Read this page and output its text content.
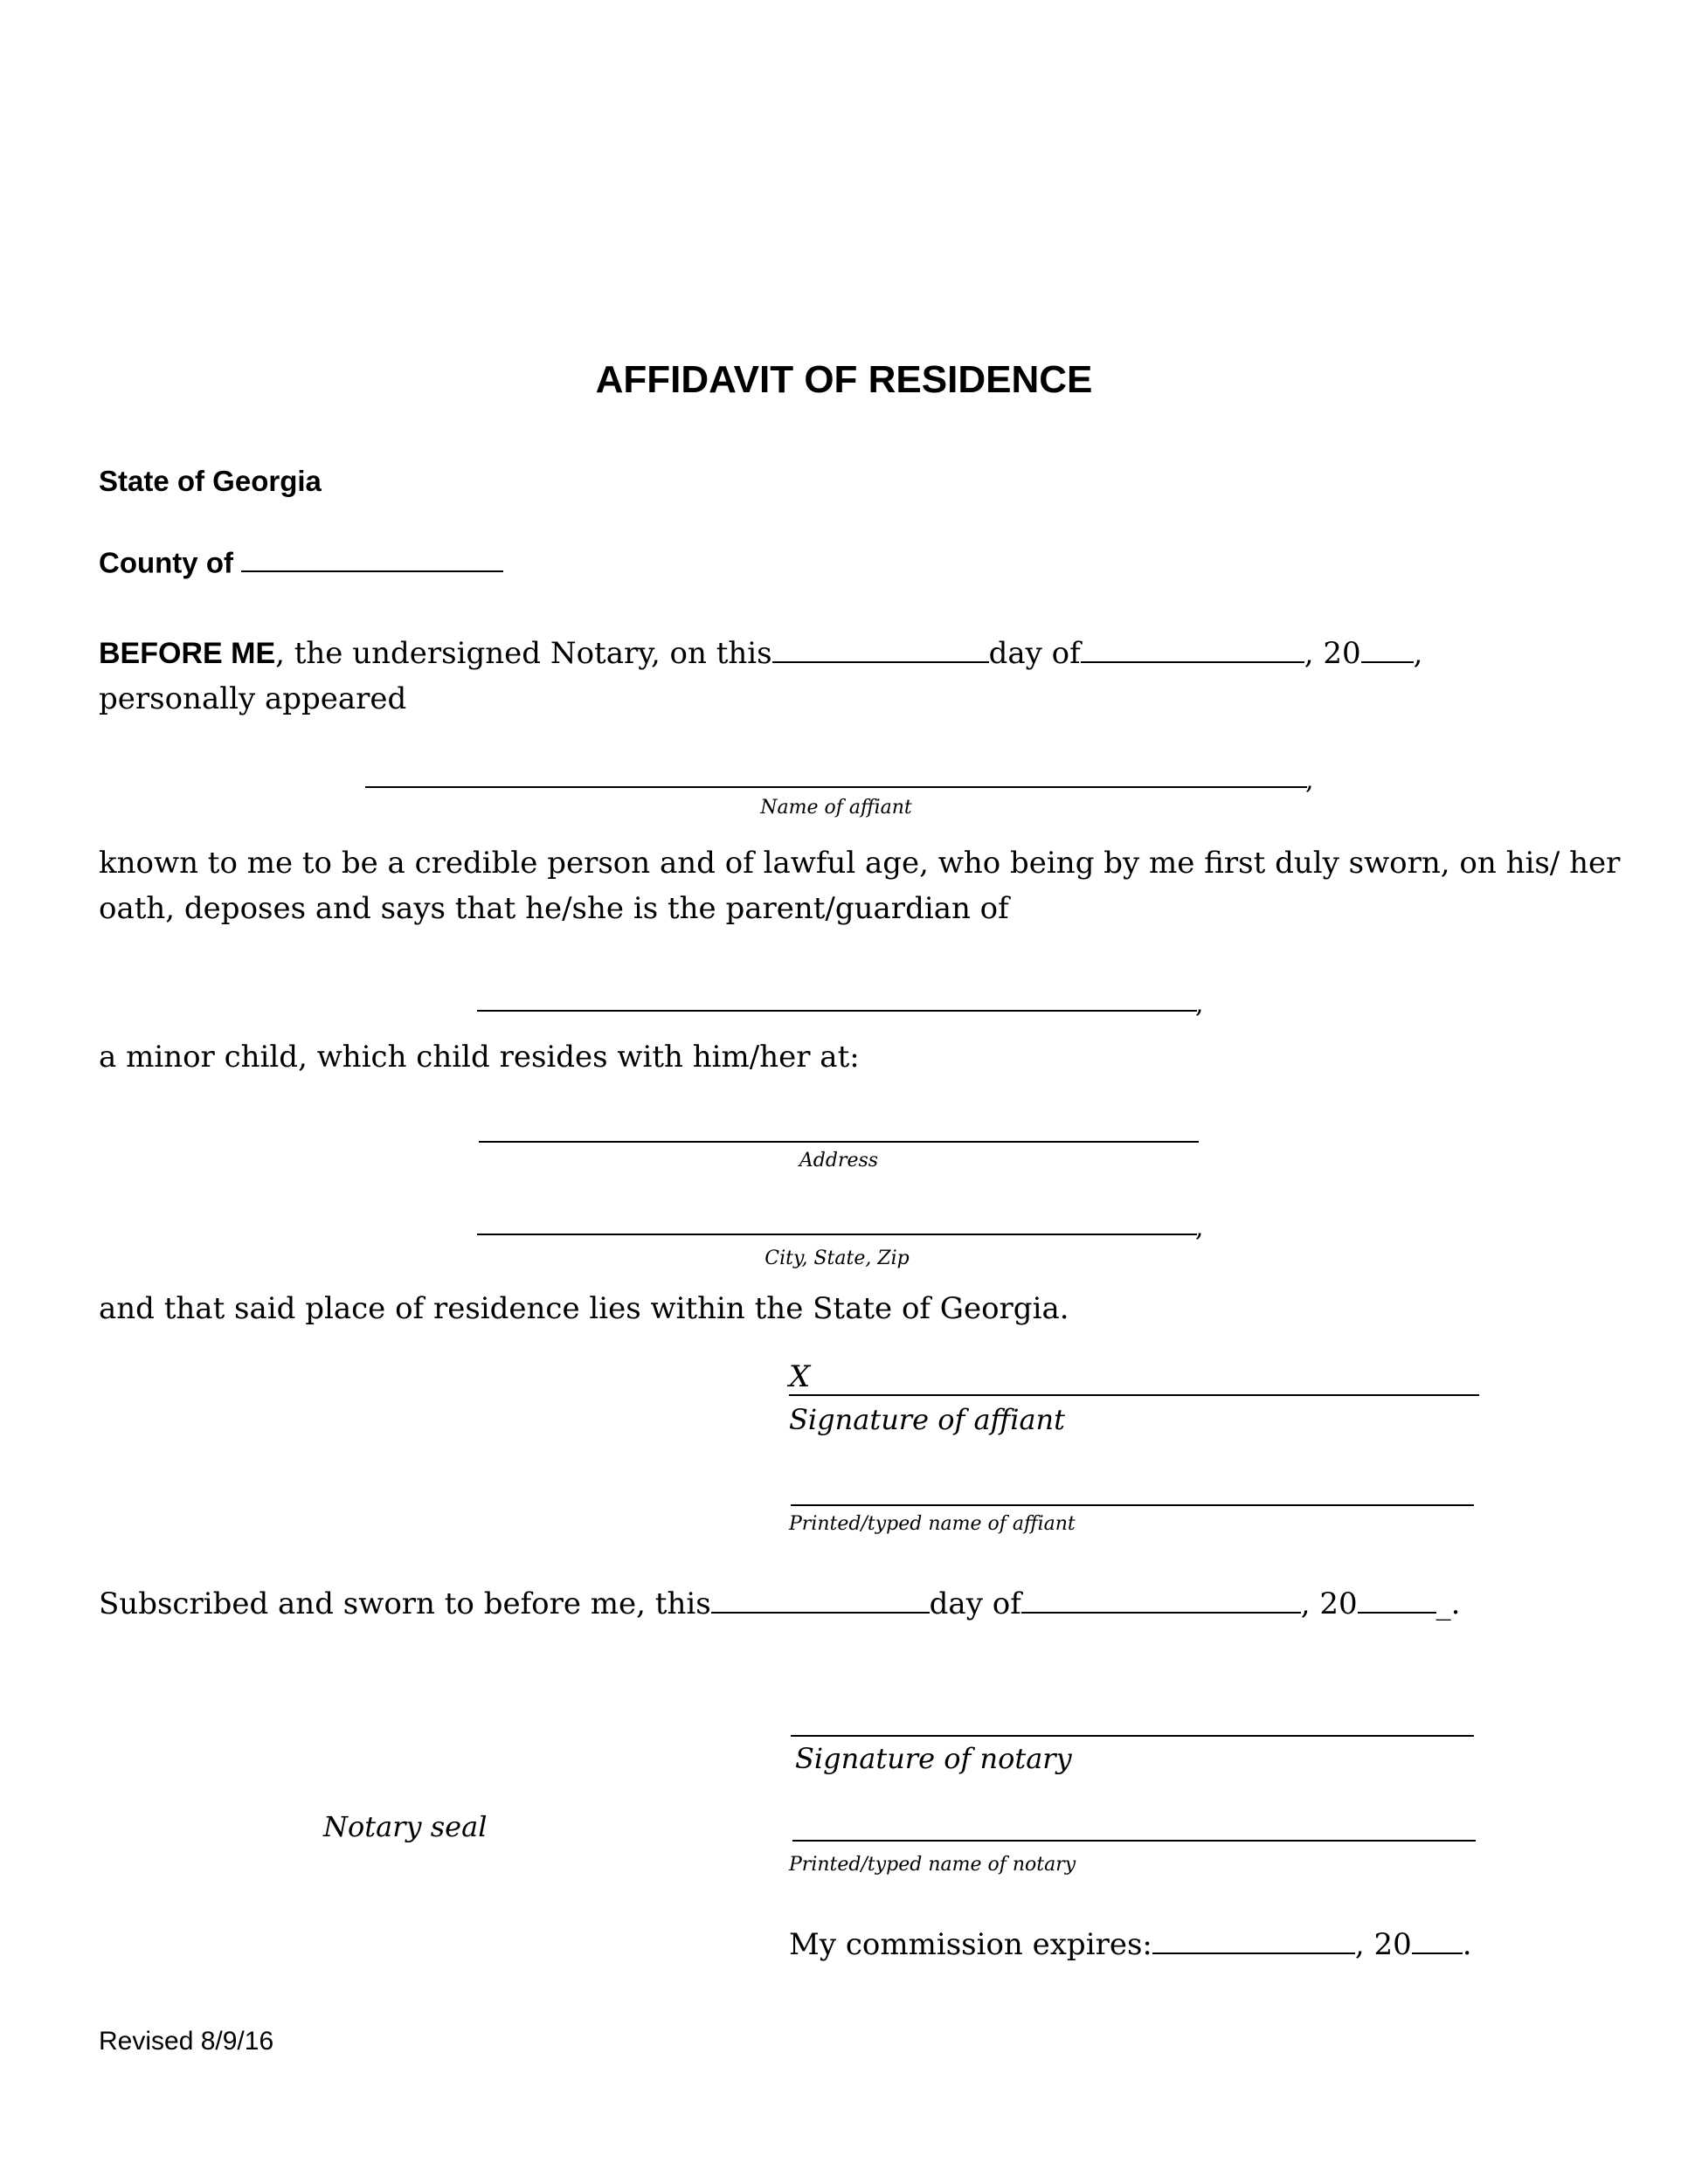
AFFIDAVIT OF RESIDENCE
State of Georgia
County of
BEFORE ME, the undersigned Notary, on this	day of	, 20 ,
personally appeared
,
Name of affiant
known to me to be a credible person and of lawful age, who being by me first duly sworn, on his/ her
oath, deposes and says that he/she is the parent/guardian of
,
a minor child, which child resides with him/her at:
Address
,
City, State, Zip
and that said place of residence lies within the State of Georgia.
X
Signature of affiant
Printed/typed name of affiant
Subscribed and sworn to before me, this	day of	, 20	_.
Signature of notary
Notary seal
Printed/typed name of notary
My commission expires:	, 20 .
Revised 8/9/16
